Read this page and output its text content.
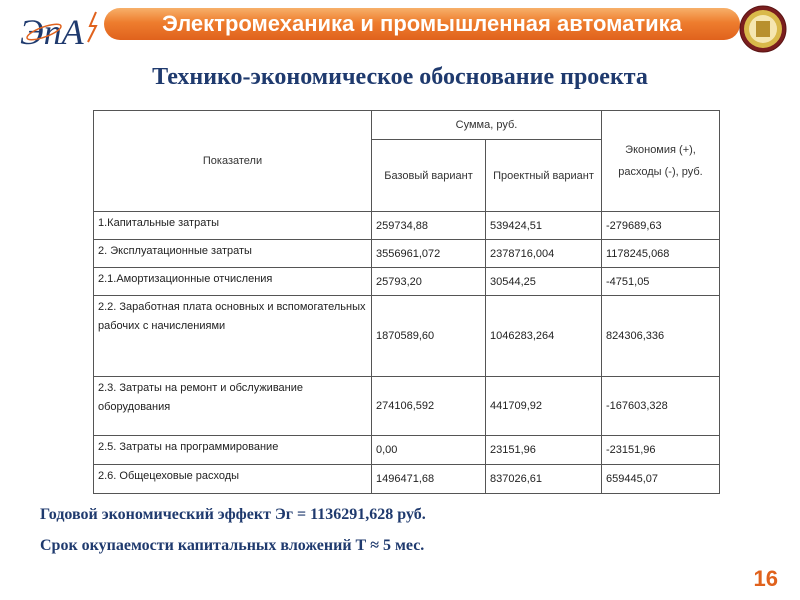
ЭпА	Электромеханика и промышленная автоматика
Технико-экономическое обоснование проекта
Показатели	Сумма, руб.		Экономия (+), расходы (-), руб.
	Базовый вариант	Проектный вариант	
1.Капитальные затраты	259734,88	539424,51	-279689,63
2. Эксплуатационные затраты	3556961,072	2378716,004	1178245,068
2.1.Амортизационные отчисления	25793,20	30544,25	-4751,05
2.2. Заработная плата основных и вспомогательных рабочих с начислениями	1870589,60	1046283,264	824306,336
2.3. Затраты на ремонт и обслуживание оборудования	274106,592	441709,92	-167603,328
2.5. Затраты на программирование	0,00	23151,96	-23151,96
2.6. Общецеховые расходы	1496471,68	837026,61	659445,07
Годовой экономический эффект Эг = 1136291,628 руб.
Срок окупаемости капитальных вложений Т ≈ 5 мес.
16
